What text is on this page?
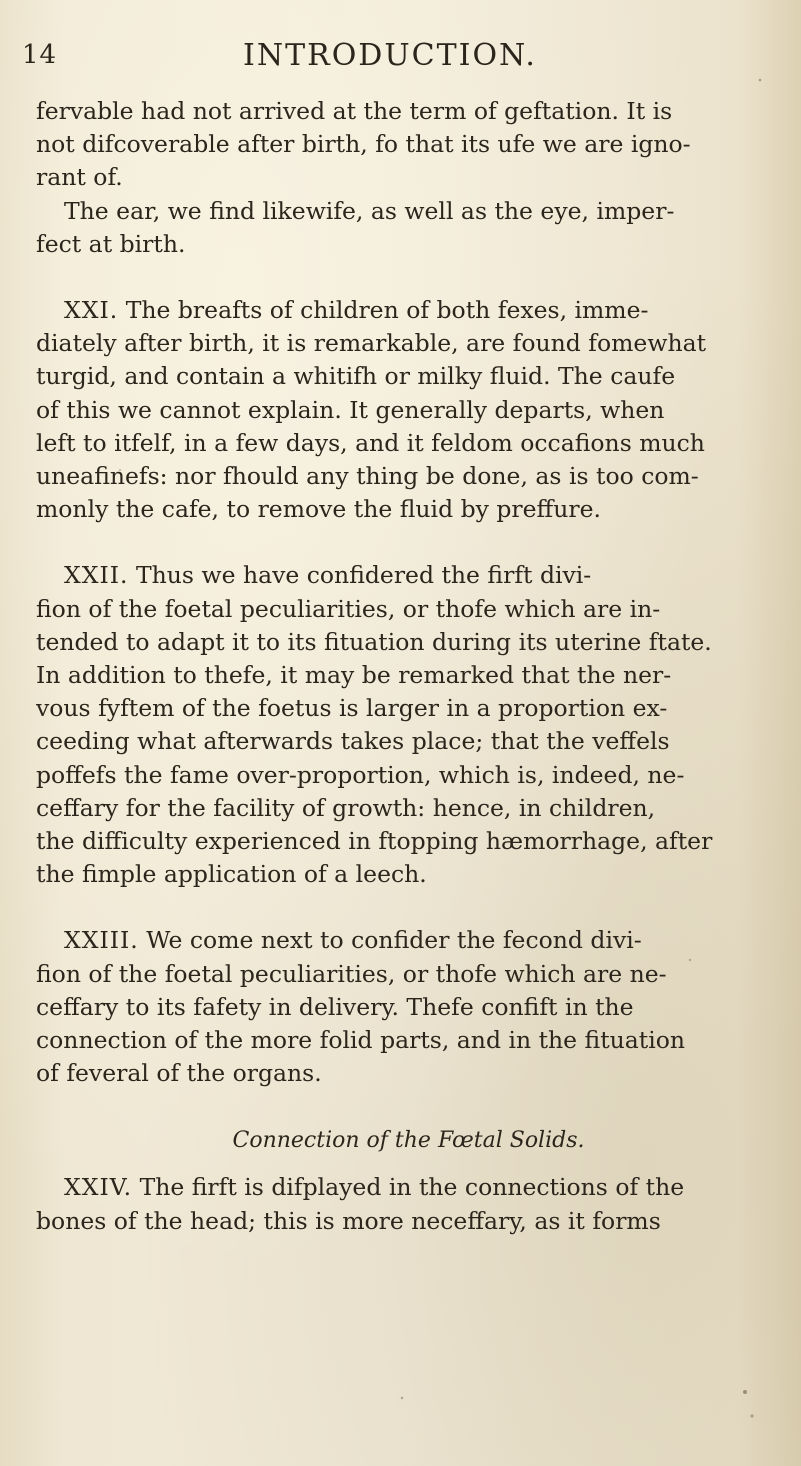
14	INTRODUCTION.

fervable had not arrived at the term of geftation. It is
not difcoverable after birth, fo that its ufe we are igno-
rant of.

The ear, we find likewife, as well as the eye, imper-
fect at birth.

XXI. The breafts of children of both fexes, imme-
diately after birth, it is remarkable, are found fomewhat
turgid, and contain a whitifh or milky fluid. The caufe
of this we cannot explain. It generally departs, when
left to itfelf, in a few days, and it feldom occafions much
uneafinefs: nor fhould any thing be done, as is too com-
monly the cafe, to remove the fluid by preffure.

XXII. Thus we have confidered the firft divi-
fion of the foetal peculiarities, or thofe which are in-
tended to adapt it to its fituation during its uterine ftate.
In addition to thefe, it may be remarked that the ner-
vous fyftem of the foetus is larger in a proportion ex-
ceeding what afterwards takes place; that the veffels
poffefs the fame over-proportion, which is, indeed, ne-
ceffary for the facility of growth: hence, in children,
the difficulty experienced in ftopping hæmorrhage, after
the fimple application of a leech.

XXIII. We come next to confider the fecond divi-
fion of the foetal peculiarities, or thofe which are ne-
ceffary to its fafety in delivery. Thefe confift in the
connection of the more folid parts, and in the fituation
of feveral of the organs.

Connection of the Fœtal Solids.

XXIV. The firft is difplayed in the connections of the
bones of the head; this is more neceffary, as it forms
